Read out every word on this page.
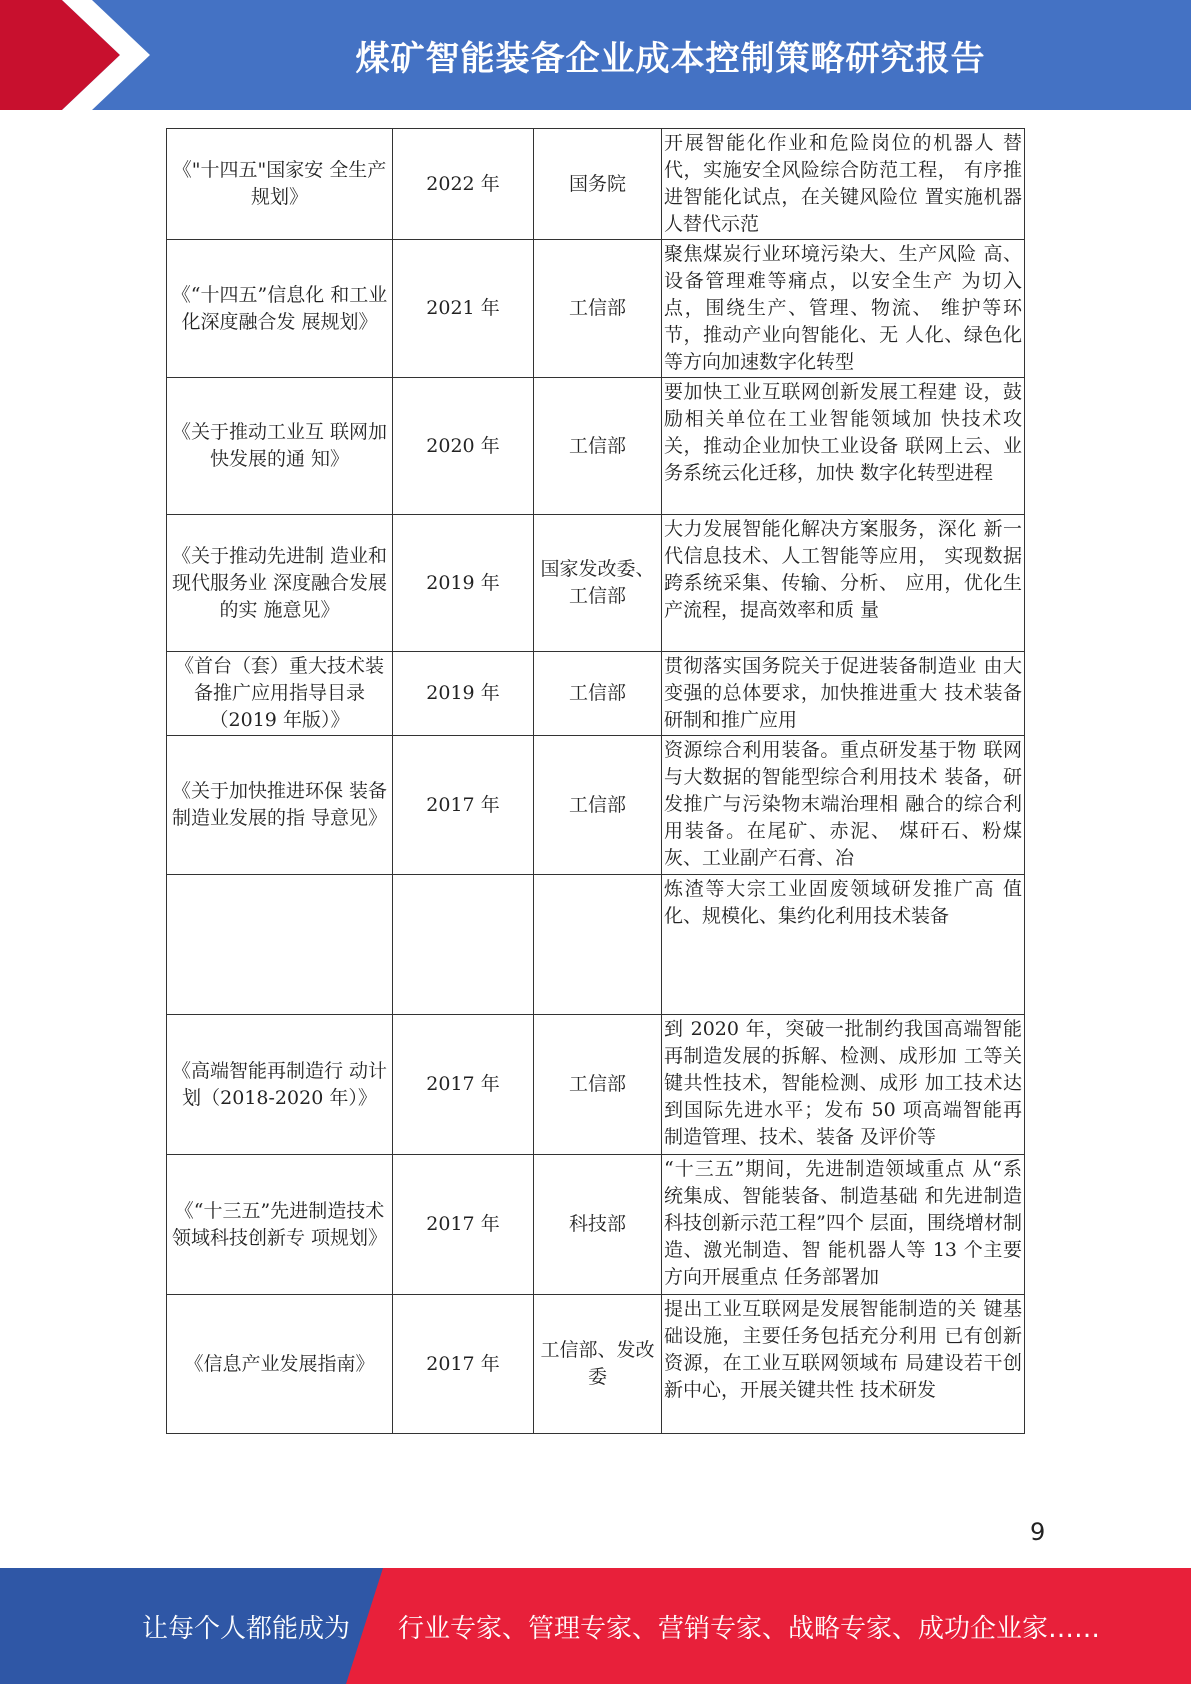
煤矿智能装备企业成本控制策略研究报告
《"十四五"国家安 全生产规划》	2022 年	国务院	开展智能化作业和危险岗位的机器人 替代，实施安全风险综合防范工程， 有序推进智能化试点，在关键风险位 置实施机器人替代示范
《“十四五”信息化 和工业化深度融合发 展规划》	2021 年	工信部	聚焦煤炭行业环境污染大、生产风险 高、设备管理难等痛点，以安全生产 为切入点，围绕生产、管理、物流、 维护等环节，推动产业向智能化、无 人化、绿色化等方向加速数字化转型
《关于推动工业互 联网加快发展的通 知》	2020 年	工信部	要加快工业互联网创新发展工程建 设，鼓励相关单位在工业智能领域加 快技术攻关，推动企业加快工业设备 联网上云、业务系统云化迁移，加快 数字化转型进程
《关于推动先进制 造业和现代服务业 深度融合发展的实 施意见》	2019 年	国家发改委、工信部	大力发展智能化解决方案服务，深化 新一代信息技术、人工智能等应用， 实现数据跨系统采集、传输、分析、 应用，优化生产流程，提高效率和质 量
《首台（套）重大技术装备推广应用指导目录（2019 年版）》	2019 年	工信部	贯彻落实国务院关于促进装备制造业 由大变强的总体要求，加快推进重大 技术装备研制和推广应用
《关于加快推进环保 装备制造业发展的指 导意见》	2017 年	工信部	资源综合利用装备。重点研发基于物 联网与大数据的智能型综合利用技术 装备，研发推广与污染物末端治理相 融合的综合利用装备。在尾矿、赤泥、 煤矸石、粉煤灰、工业副产石膏、冶
			炼渣等大宗工业固废领域研发推广高 值化、规模化、集约化利用技术装备
《高端智能再制造行 动计划（2018-2020 年）》	2017 年	工信部	到 2020 年，突破一批制约我国高端智能再制造发展的拆解、检测、成形加 工等关键共性技术，智能检测、成形 加工技术达到国际先进水平；发布 50 项高端智能再制造管理、技术、装备 及评价等
《“十三五”先进制造技术领域科技创新专 项规划》	2017 年	科技部	“十三五”期间，先进制造领域重点 从“系统集成、智能装备、制造基础 和先进制造科技创新示范工程”四个 层面，围绕增材制造、激光制造、智 能机器人等 13 个主要方向开展重点 任务部署加
《信息产业发展指南》	2017 年	工信部、发改委	提出工业互联网是发展智能制造的关 键基础设施，主要任务包括充分利用 已有创新资源，在工业互联网领域布 局建设若干创新中心，开展关键共性 技术研发
9
让每个人都能成为 行业专家、管理专家、营销专家、战略专家、成功企业家……
